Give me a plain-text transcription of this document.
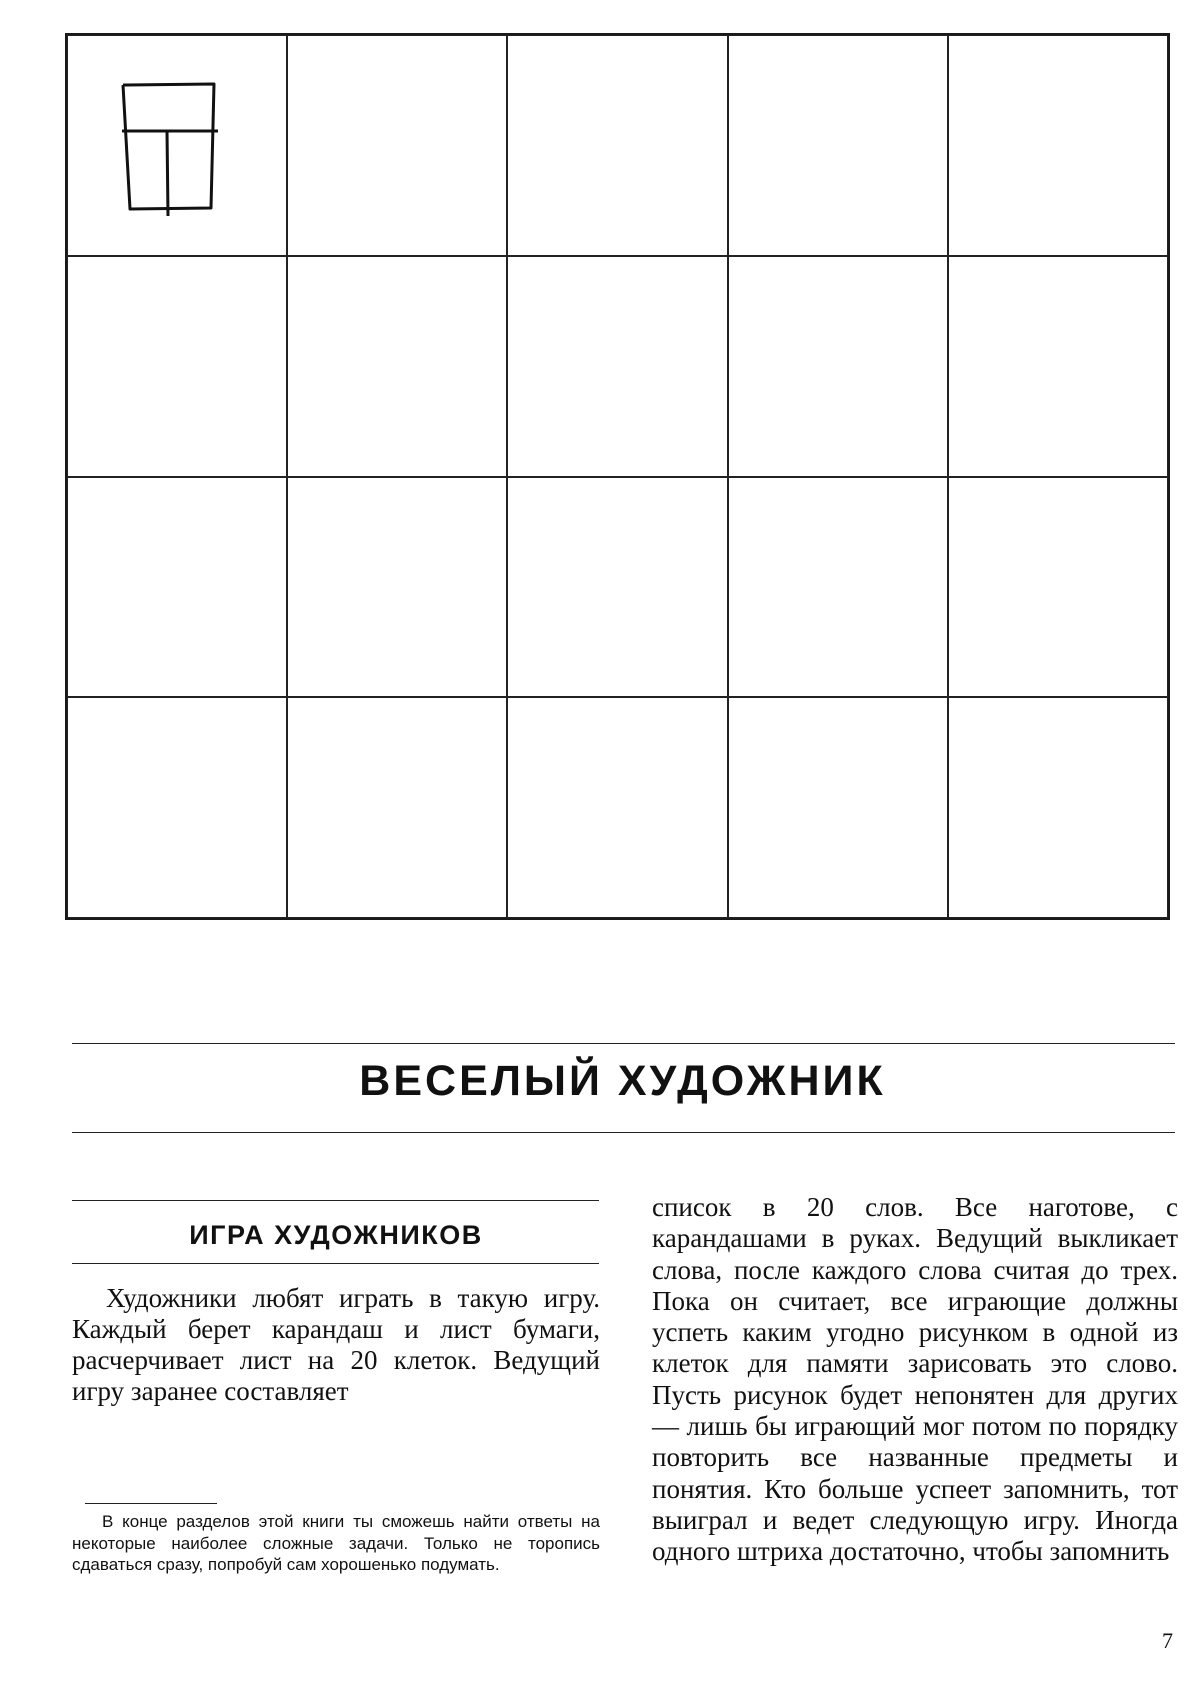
ВЕСЕЛЫЙ ХУДОЖНИК
ИГРА ХУДОЖНИКОВ

Художники любят играть в такую игру. Каждый берет карандаш и лист бумаги, расчерчивает лист на 20 клеток. Ведущий игру заранее составляет

список в 20 слов. Все наготове, с карандашами в руках. Ведущий выкликает слова, после каждого слова считая до трех. Пока он считает, все играющие должны успеть каким угодно рисунком в одной из клеток для памяти зарисовать это слово. Пусть рисунок будет непонятен для других — лишь бы играющий мог потом по порядку повторить все названные предметы и понятия. Кто больше успеет запомнить, тот выиграл и ведет следующую игру. Иногда одного штриха достаточно, чтобы запомнить

В конце разделов этой книги ты сможешь найти ответы на некоторые наиболее сложные задачи. Только не торопись сдаваться сразу, попробуй сам хорошенько подумать.

7
